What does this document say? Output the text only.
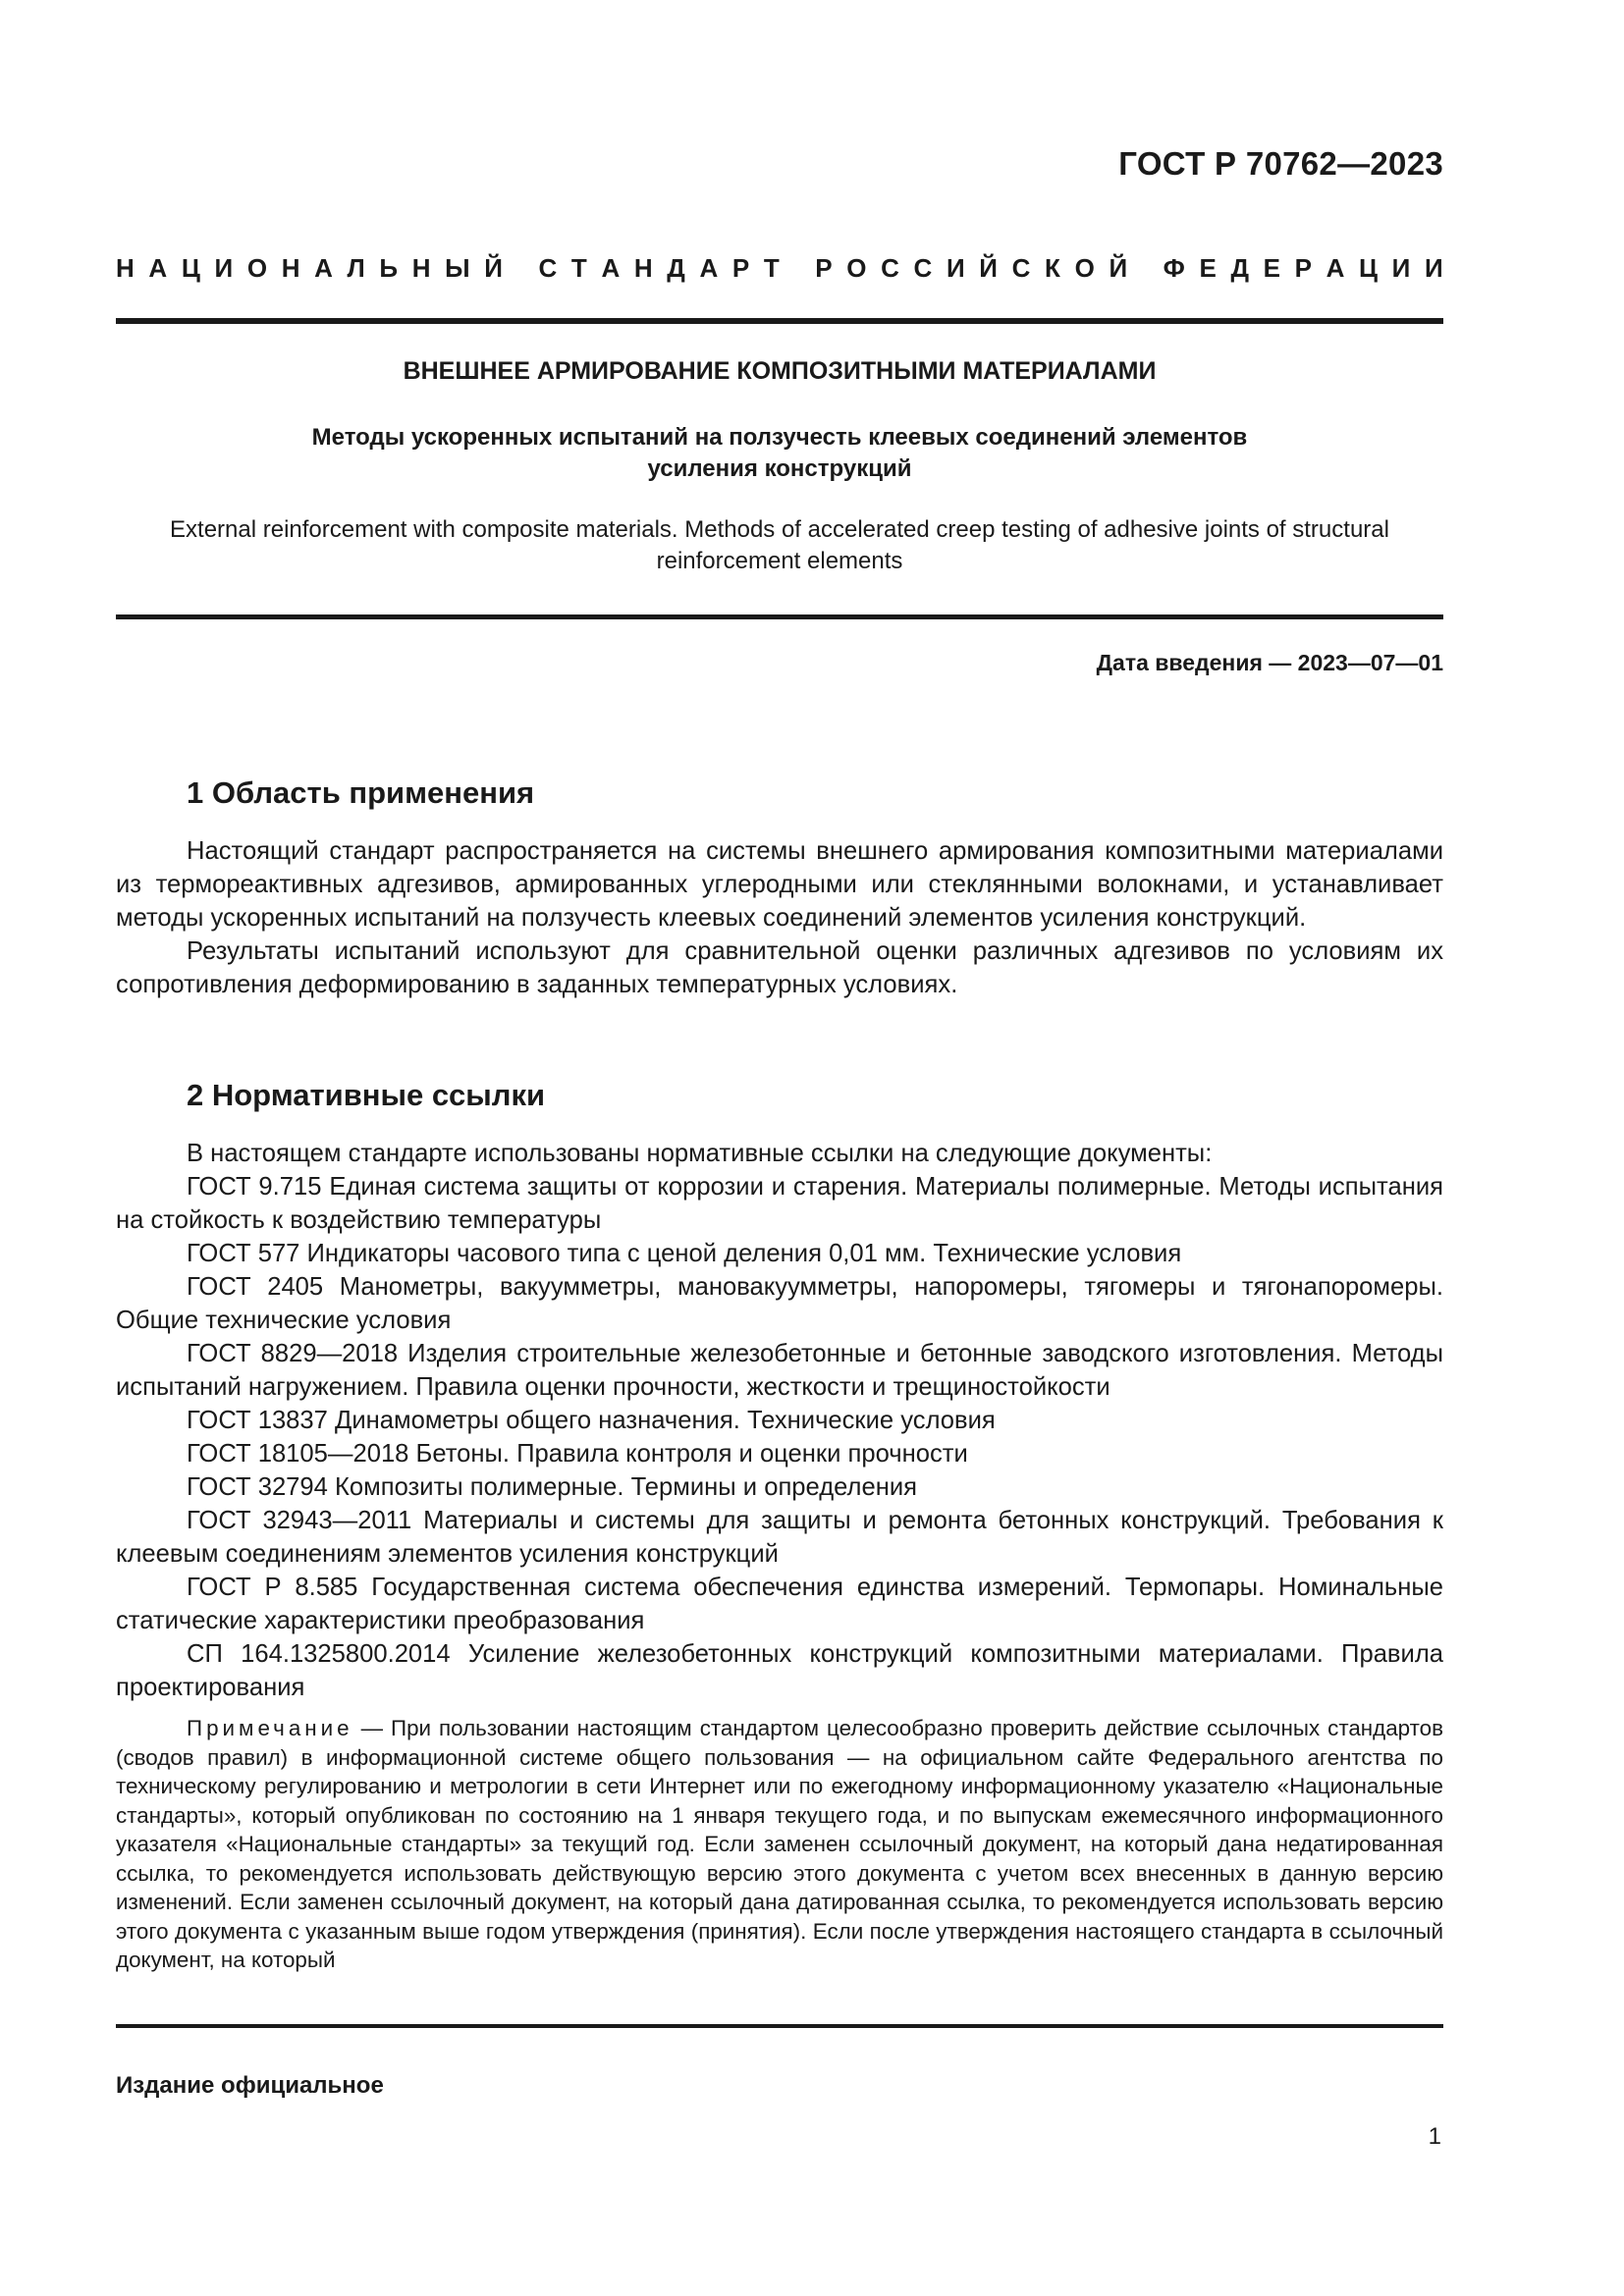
ГОСТ Р 70762—2023
Н А Ц И О Н А Л Ь Н Ы Й
С Т А Н Д А Р Т
Р О С С И Й С К О Й
Ф Е Д Е Р А Ц И И
ВНЕШНЕЕ АРМИРОВАНИЕ КОМПОЗИТНЫМИ МАТЕРИАЛАМИ
Методы ускоренных испытаний на ползучесть клеевых соединений элементов усиления конструкций
External reinforcement with composite materials. Methods of accelerated creep testing of adhesive joints of structural reinforcement elements
Дата введения — 2023—07—01
1 Область применения

Настоящий стандарт распространяется на системы внешнего армирования композитными материалами из термореактивных адгезивов, армированных углеродными или стеклянными волокнами, и устанавливает методы ускоренных испытаний на ползучесть клеевых соединений элементов усиления конструкций.

Результаты испытаний используют для сравнительной оценки различных адгезивов по условиям их сопротивления деформированию в заданных температурных условиях.

2 Нормативные ссылки

В настоящем стандарте использованы нормативные ссылки на следующие документы:

ГОСТ 9.715 Единая система защиты от коррозии и старения. Материалы полимерные. Методы испытания на стойкость к воздействию температуры

ГОСТ 577 Индикаторы часового типа с ценой деления 0,01 мм. Технические условия

ГОСТ 2405 Манометры, вакуумметры, мановакуумметры, напоромеры, тягомеры и тягонапоромеры. Общие технические условия

ГОСТ 8829—2018 Изделия строительные железобетонные и бетонные заводского изготовления. Методы испытаний нагружением. Правила оценки прочности, жесткости и трещиностойкости

ГОСТ 13837 Динамометры общего назначения. Технические условия

ГОСТ 18105—2018 Бетоны. Правила контроля и оценки прочности

ГОСТ 32794 Композиты полимерные. Термины и определения

ГОСТ 32943—2011 Материалы и системы для защиты и ремонта бетонных конструкций. Требования к клеевым соединениям элементов усиления конструкций

ГОСТ Р 8.585 Государственная система обеспечения единства измерений. Термопары. Номинальные статические характеристики преобразования

СП 164.1325800.2014 Усиление железобетонных конструкций композитными материалами. Правила проектирования

Примечание — При пользовании настоящим стандартом целесообразно проверить действие ссылочных стандартов (сводов правил) в информационной системе общего пользования — на официальном сайте Федерального агентства по техническому регулированию и метрологии в сети Интернет или по ежегодному информационному указателю «Национальные стандарты», который опубликован по состоянию на 1 января текущего года, и по выпускам ежемесячного информационного указателя «Национальные стандарты» за текущий год. Если заменен ссылочный документ, на который дана недатированная ссылка, то рекомендуется использовать действующую версию этого документа с учетом всех внесенных в данную версию изменений. Если заменен ссылочный документ, на который дана датированная ссылка, то рекомендуется использовать версию этого документа с указанным выше годом утверждения (принятия). Если после утверждения настоящего стандарта в ссылочный документ, на который

Издание официальное
1
